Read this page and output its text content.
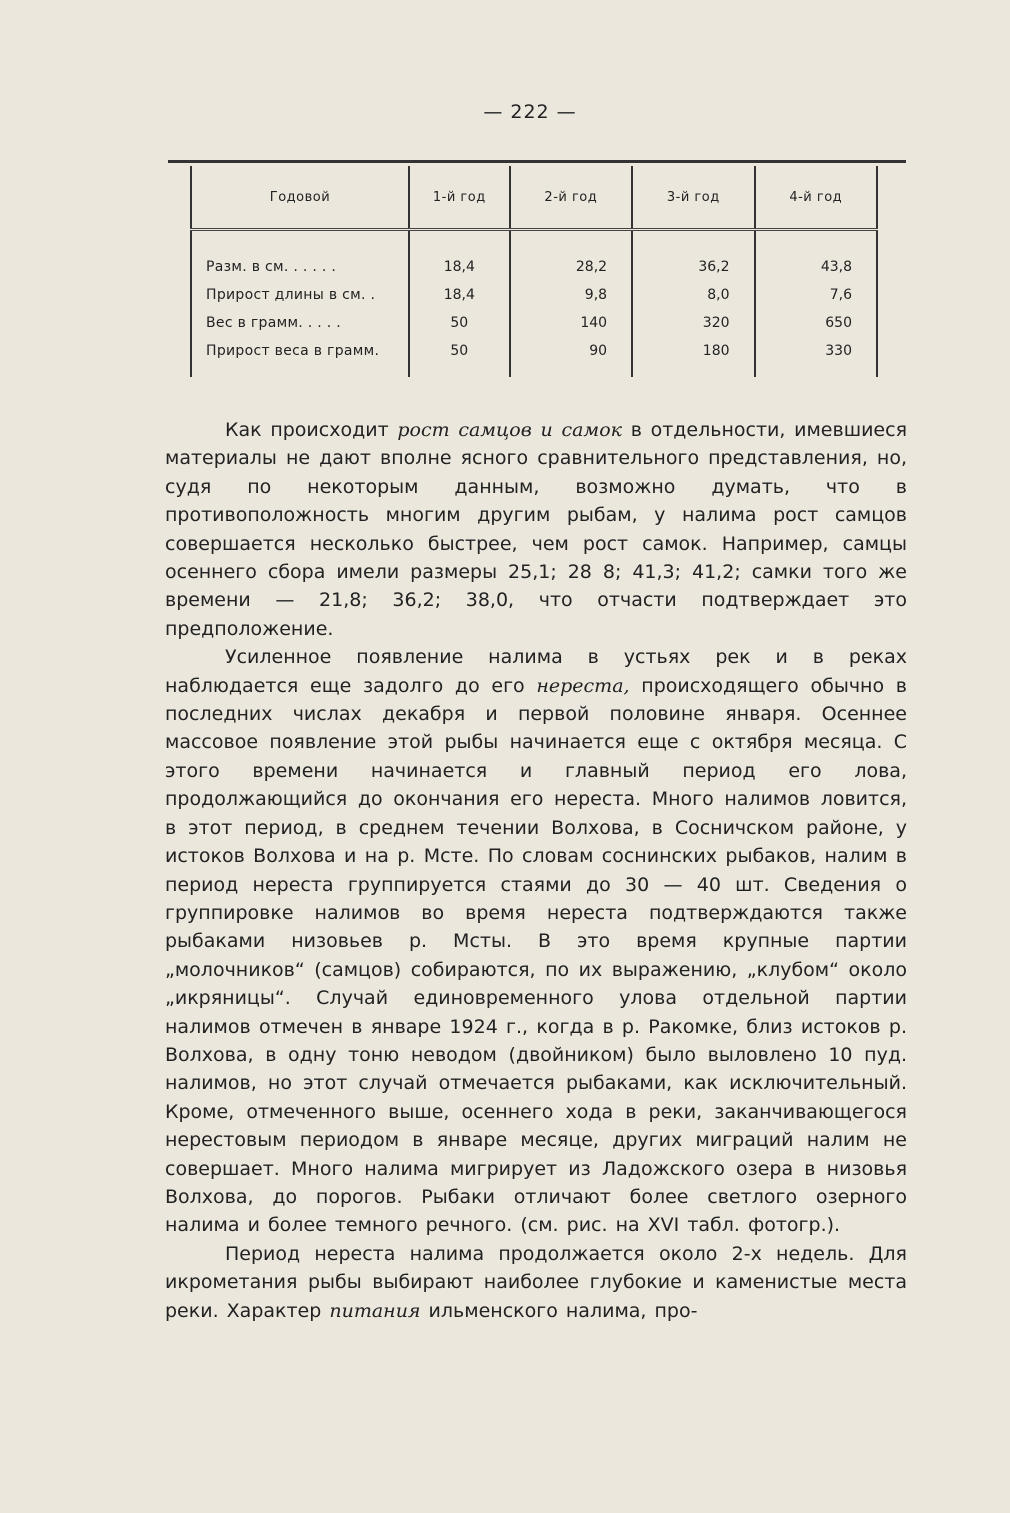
— 222 —
Годовой	1-й год	2-й год	3-й год	4-й год

Разм. в см. . . . . .	18,4	28,2	36,2	43,8
Прирост длины в см. .	18,4	9,8	8,0	7,6
Вес в грамм. . . . .	50	140	320	650
Прирост веса в грамм.	50	90	180	330

Как происходит рост самцов и самок в отдельности, имевшиеся материалы не дают вполне ясного сравнительного представления, но, судя по некоторым данным, возможно думать, что в противоположность многим другим рыбам, у налима рост самцов совершается несколько быстрее, чем рост самок. Например, самцы осеннего сбора имели размеры 25,1; 28 8; 41,3; 41,2; самки того же времени — 21,8; 36,2; 38,0, что отчасти подтверждает это предположение.

Усиленное появление налима в устьях рек и в реках наблюдается еще задолго до его нереста, происходящего обычно в последних числах декабря и первой половине января. Осеннее массовое появление этой рыбы начинается еще с октября месяца. С этого времени начинается и главный период его лова, продолжающийся до окончания его нереста. Много налимов ловится, в этот период, в среднем течении Волхова, в Сосничском районе, у истоков Волхова и на р. Мсте. По словам соснинских рыбаков, налим в период нереста группируется стаями до 30 — 40 шт. Сведения о группировке налимов во время нереста подтверждаются также рыбаками низовьев р. Мсты. В это время крупные партии „молочников“ (самцов) собираются, по их выражению, „клубом“ около „икряницы“. Случай единовременного улова отдельной партии налимов отмечен в январе 1924 г., когда в р. Ракомке, близ истоков р. Волхова, в одну тоню неводом (двойником) было выловлено 10 пуд. налимов, но этот случай отмечается рыбаками, как исключительный. Кроме, отмеченного выше, осеннего хода в реки, заканчивающегося нерестовым периодом в январе месяце, других миграций налим не совершает. Много налима мигрирует из Ладожского озера в низовья Волхова, до порогов. Рыбаки отличают более светлого озерного налима и более темного речного. (см. рис. на XVI табл. фотогр.).

Период нереста налима продолжается около 2-х недель. Для икрометания рыбы выбирают наиболее глубокие и каменистые места реки. Характер питания ильменского налима, про-
